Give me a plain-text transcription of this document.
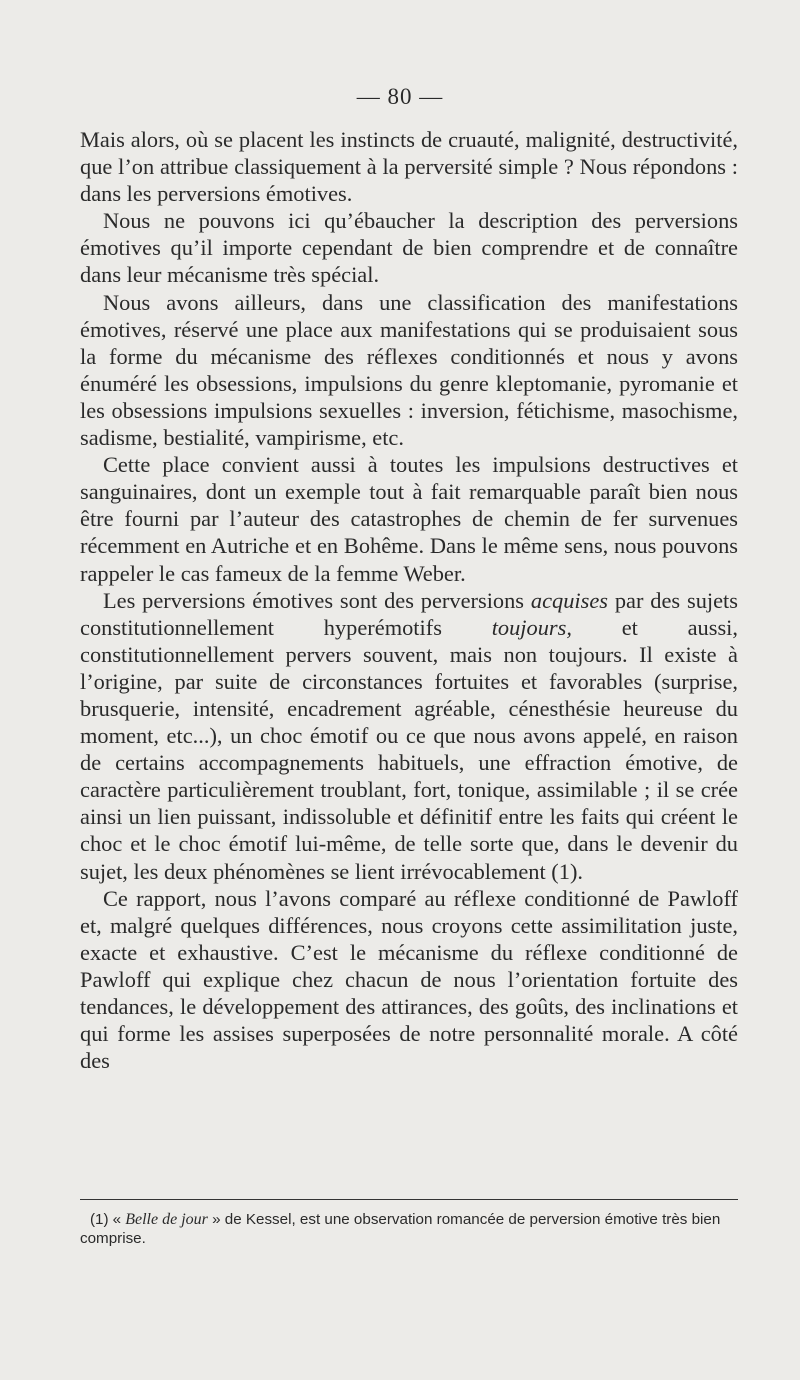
— 80 —

Mais alors, où se placent les instincts de cruauté, malignité, destructivité, que l’on attribue classiquement à la perversité simple ? Nous répondons : dans les perversions émotives.

Nous ne pouvons ici qu’ébaucher la description des perversions émotives qu’il importe cependant de bien comprendre et de connaître dans leur mécanisme très spécial.

Nous avons ailleurs, dans une classification des manifestations émotives, réservé une place aux manifestations qui se produisaient sous la forme du mécanisme des réflexes conditionnés et nous y avons énuméré les obsessions, impulsions du genre kleptomanie, pyromanie et les obsessions impulsions sexuelles : inversion, fétichisme, masochisme, sadisme, bestialité, vampirisme, etc.

Cette place convient aussi à toutes les impulsions destructives et sanguinaires, dont un exemple tout à fait remarquable paraît bien nous être fourni par l’auteur des catastrophes de chemin de fer survenues récemment en Autriche et en Bohême. Dans le même sens, nous pouvons rappeler le cas fameux de la femme Weber.

Les perversions émotives sont des perversions acquises par des sujets constitutionnellement hyperémotifs toujours, et aussi, constitutionnellement pervers souvent, mais non toujours. Il existe à l’origine, par suite de circonstances fortuites et favorables (surprise, brusquerie, intensité, encadrement agréable, cénesthésie heureuse du moment, etc...), un choc émotif ou ce que nous avons appelé, en raison de certains accompagnements habituels, une effraction émotive, de caractère particulièrement troublant, fort, tonique, assimilable ; il se crée ainsi un lien puissant, indissoluble et définitif entre les faits qui créent le choc et le choc émotif lui-même, de telle sorte que, dans le devenir du sujet, les deux phénomènes se lient irrévocablement (1).

Ce rapport, nous l’avons comparé au réflexe conditionné de Pawloff et, malgré quelques différences, nous croyons cette assimilitation juste, exacte et exhaustive. C’est le mécanisme du réflexe conditionné de Pawloff qui explique chez chacun de nous l’orientation fortuite des tendances, le développement des attirances, des goûts, des inclinations et qui forme les assises superposées de notre personnalité morale. A côté des

(1) « Belle de jour » de Kessel, est une observation romancée de perversion émotive très bien comprise.
